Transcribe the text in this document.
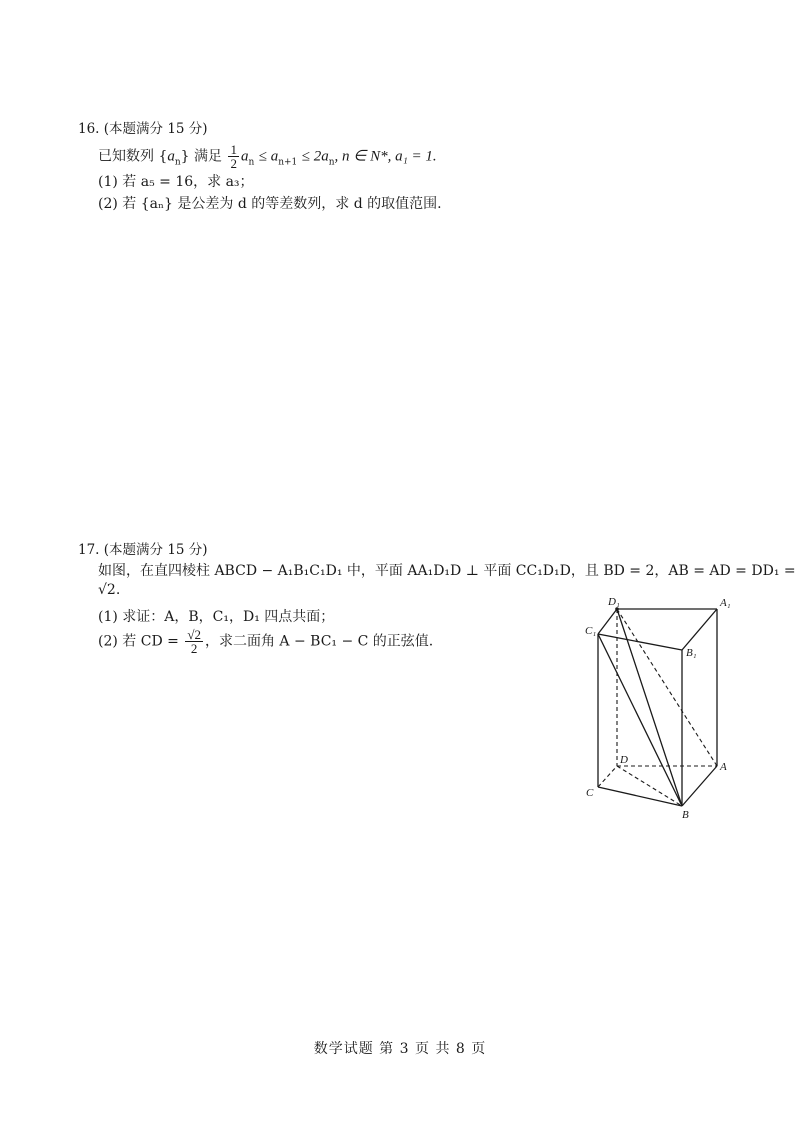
16. (本题满分 15 分)
已知数列 $\{a_n\}$ 满足 $\frac{1}{2} a_n \le a_{n+1} \le 2a_n$, n ∈ N*, a₁ = 1.
(1) 若 a₅ = 16，求 a₃；
(2) 若 {aₙ} 是公差为 d 的等差数列，求 d 的取值范围.
17. (本题满分 15 分)
如图，在直四棱柱 ABCD − A₁B₁C₁D₁ 中，平面 AA₁D₁D ⊥ 平面 CC₁D₁D，且 BD = 2，AB = AD = DD₁ =
√2.
(1) 求证：A，B，C₁，D₁ 四点共面；
(2) 若 CD = $\frac{√2}{2}$ ，求二面角 A − BC₁ − C 的正弦值.
D₁	A₁
C₁
B₁
D
A
C
B
数学试题 第 3 页 共 8 页
